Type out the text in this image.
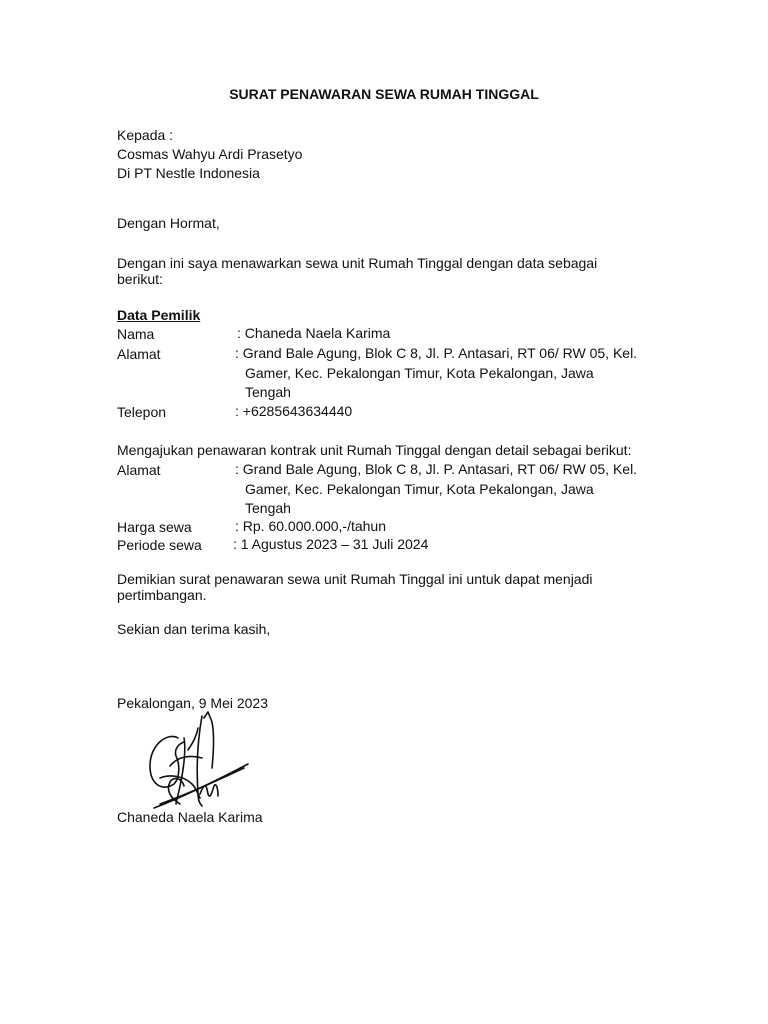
SURAT PENAWARAN SEWA RUMAH TINGGAL
Kepada :
Cosmas Wahyu Ardi Prasetyo
Di PT Nestle Indonesia
Dengan Hormat,
Dengan ini saya menawarkan sewa unit Rumah Tinggal dengan data sebagai
berikut:
Data Pemilik
Nama	: Chaneda Naela Karima
Alamat	: Grand Bale Agung, Blok C 8, Jl. P. Antasari, RT 06/ RW 05, Kel.
Gamer, Kec. Pekalongan Timur, Kota Pekalongan, Jawa
Tengah
Telepon	: +6285643634440
Mengajukan penawaran kontrak unit Rumah Tinggal dengan detail sebagai berikut:
Alamat	: Grand Bale Agung, Blok C 8, Jl. P. Antasari, RT 06/ RW 05, Kel.
Gamer, Kec. Pekalongan Timur, Kota Pekalongan, Jawa
Tengah
Harga sewa	: Rp. 60.000.000,-/tahun
Periode sewa : 1 Agustus 2023 – 31 Juli 2024
Demikian surat penawaran sewa unit Rumah Tinggal ini untuk dapat menjadi
pertimbangan.
Sekian dan terima kasih,
Pekalongan, 9 Mei 2023
Chaneda Naela Karima
